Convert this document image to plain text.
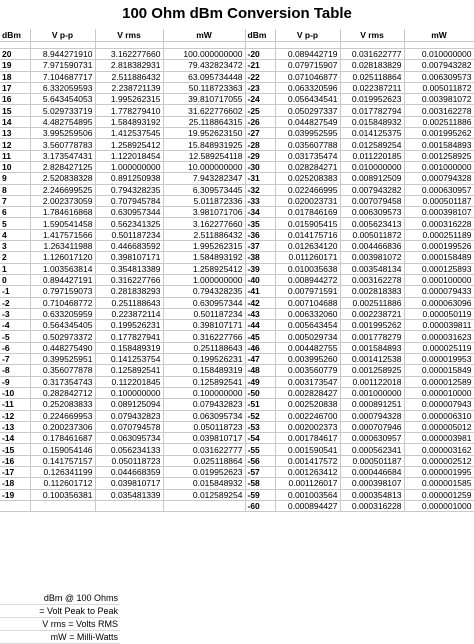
100 Ohm dBm Conversion Table
dBm	V p-p	V rms	mW	dBm	V p-p	V rms	mW

20	8.944271910	3.162277660	100.000000000	-20	0.089442719	0.031622777	0.010000000
19	7.971590731	2.818382931	79.432823472	-21	0.079715907	0.028183829	0.007943282
18	7.104687717	2.511886432	63.095734448	-22	0.071046877	0.025118864	0.006309573
17	6.332059593	2.238721139	50.118723363	-23	0.063320596	0.022387211	0.005011872
16	5.643454053	1.995262315	39.810717055	-24	0.056434541	0.019952623	0.003981072
15	5.029733719	1.778279410	31.622776602	-25	0.050297337	0.017782794	0.003162278
14	4.482754895	1.584893192	25.118864315	-26	0.044827549	0.015848932	0.002511886
13	3.995259506	1.412537545	19.952623150	-27	0.039952595	0.014125375	0.001995262
12	3.560778783	1.258925412	15.848931925	-28	0.035607788	0.012589254	0.001584893
11	3.173547431	1.122018454	12.589254118	-29	0.031735474	0.011220185	0.001258925
10	2.828427125	1.000000000	10.000000000	-30	0.028284271	0.010000000	0.001000000
9	2.520838328	0.891250938	7.943282347	-31	0.025208383	0.008912509	0.000794328
8	2.246699525	0.794328235	6.309573445	-32	0.022466995	0.007943282	0.000630957
7	2.002373059	0.707945784	5.011872336	-33	0.020023731	0.007079458	0.000501187
6	1.784616868	0.630957344	3.981071706	-34	0.017846169	0.006309573	0.000398107
5	1.590541458	0.562341325	3.162277660	-35	0.015905415	0.005623413	0.000316228
4	1.417571566	0.501187234	2.511886432	-36	0.014175716	0.005011872	0.000251189
3	1.263411988	0.446683592	1.995262315	-37	0.012634120	0.004466836	0.000199526
2	1.126017120	0.398107171	1.584893192	-38	0.011260171	0.003981072	0.000158489
1	1.003563814	0.354813389	1.258925412	-39	0.010035638	0.003548134	0.000125893
0	0.894427191	0.316227766	1.000000000	-40	0.008944272	0.003162278	0.000100000
-1	0.797159073	0.281838293	0.794328235	-41	0.007971591	0.002818383	0.000079433
-2	0.710468772	0.251188643	0.630957344	-42	0.007104688	0.002511886	0.000063096
-3	0.633205959	0.223872114	0.501187234	-43	0.006332060	0.002238721	0.000050119
-4	0.564345405	0.199526231	0.398107171	-44	0.005643454	0.001995262	0.000039811
-5	0.502973372	0.177827941	0.316227766	-45	0.005029734	0.001778279	0.000031623
-6	0.448275490	0.158489319	0.251188643	-46	0.004482755	0.001584893	0.000025119
-7	0.399525951	0.141253754	0.199526231	-47	0.003995260	0.001412538	0.000019953
-8	0.356077878	0.125892541	0.158489319	-48	0.003560779	0.001258925	0.000015849
-9	0.317354743	0.112201845	0.125892541	-49	0.003173547	0.001122018	0.000012589
-10	0.282842712	0.100000000	0.100000000	-50	0.002828427	0.001000000	0.000010000
-11	0.252083833	0.089125094	0.079432823	-51	0.002520838	0.000891251	0.000007943
-12	0.224669953	0.079432823	0.063095734	-52	0.002246700	0.000794328	0.000006310
-13	0.200237306	0.070794578	0.050118723	-53	0.002002373	0.000707946	0.000005012
-14	0.178461687	0.063095734	0.039810717	-54	0.001784617	0.000630957	0.000003981
-15	0.159054146	0.056234133	0.031622777	-55	0.001590541	0.000562341	0.000003162
-16	0.141757157	0.050118723	0.025118864	-56	0.001417572	0.000501187	0.000002512
-17	0.126341199	0.044668359	0.019952623	-57	0.001263412	0.000446684	0.000001995
-18	0.112601712	0.039810717	0.015848932	-58	0.001126017	0.000398107	0.000001585
-19	0.100356381	0.035481339	0.012589254	-59	0.001003564	0.000354813	0.000001259
				-60	0.000894427	0.000316228	0.000001000
dBm @ 100 Ohms
= Volt Peak to Peak
V rms = Volts RMS
mW = Milli-Watts
